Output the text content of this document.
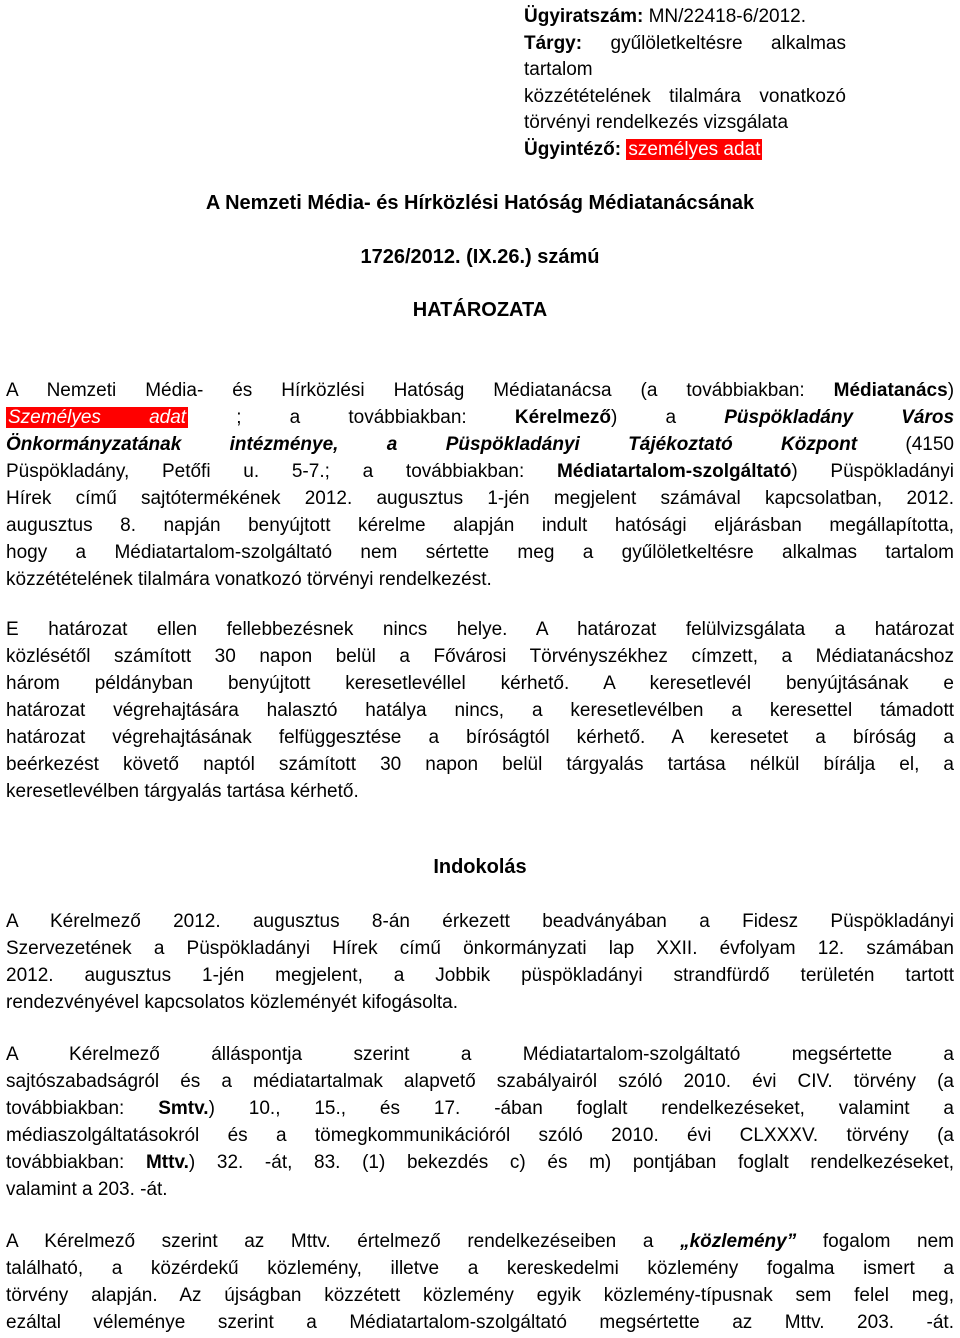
Ügyiratszám: MN/22418-6/2012.
Tárgy: gyűlöletkeltésre alkalmas tartalom
közzétételének tilalmára vonatkozó
törvényi rendelkezés vizsgálata
Ügyintéző: személyes adat
A Nemzeti Média- és Hírközlési Hatóság Médiatanácsának
1726/2012. (IX.26.) számú
HATÁROZATA
A Nemzeti Média- és Hírközlési Hatóság Médiatanácsa (a továbbiakban: Médiatanács)
Személyes adat	; a továbbiakban:	Kérelmező) a	Püspökladány Város
Önkormányzatának intézménye, a Püspökladányi Tájékoztató Központ	(4150
Püspökladány, Petőfi u. 5-7.; a továbbiakban: Médiatartalom-szolgáltató) Püspökladányi
Hírek című sajtótermékének 2012. augusztus 1-jén megjelent számával kapcsolatban, 2012.
augusztus 8. napján benyújtott kérelme alapján indult hatósági eljárásban megállapította,
hogy a Médiatartalom-szolgáltató nem sértette meg a gyűlöletkeltésre alkalmas tartalom
közzétételének tilalmára vonatkozó törvényi rendelkezést.
E határozat ellen fellebbezésnek nincs helye. A határozat felülvizsgálata a határozat
közlésétől számított 30 napon belül a Fővárosi Törvényszékhez címzett, a Médiatanácshoz
három példányban benyújtott keresetlevéllel kérhető. A keresetlevél benyújtásának e
határozat végrehajtására halasztó hatálya nincs, a keresetlevélben a keresettel támadott
határozat végrehajtásának felfüggesztése a bíróságtól kérhető. A keresetet a bíróság a
beérkezést követő naptól számított 30 napon belül tárgyalás tartása nélkül bírálja el, a
keresetlevélben tárgyalás tartása kérhető.
Indokolás
A Kérelmező 2012. augusztus 8-án érkezett beadványában a Fidesz Püspökladányi
Szervezetének a Püspökladányi Hírek című önkormányzati lap XXII. évfolyam 12. számában
2012. augusztus 1-jén megjelent, a Jobbik püspökladányi strandfürdő területén tartott
rendezvényével kapcsolatos közleményét kifogásolta.
A Kérelmező álláspontja szerint a Médiatartalom-szolgáltató megsértette a
sajtószabadságról és a médiatartalmak alapvető szabályairól szóló 2010. évi CIV. törvény (a
továbbiakban: Smtv.) 10., 15., és 17. -ában foglalt rendelkezéseket, valamint a
médiaszolgáltatásokról és a tömegkommunikációról szóló 2010. évi CLXXXV. törvény (a
továbbiakban: Mttv.) 32. -át, 83. (1) bekezdés c) és m) pontjában foglalt rendelkezéseket,
valamint a 203. -át.
A Kérelmező szerint az Mttv. értelmező rendelkezéseiben a „közlemény” fogalom nem
található, a közérdekű közlemény, illetve a kereskedelmi közlemény fogalma ismert a
törvény alapján. Az újságban közzétett közlemény egyik közlemény-típusnak sem felel meg,
ezáltal véleménye szerint a Médiatartalom-szolgáltató megsértette az Mttv. 203. -át.
